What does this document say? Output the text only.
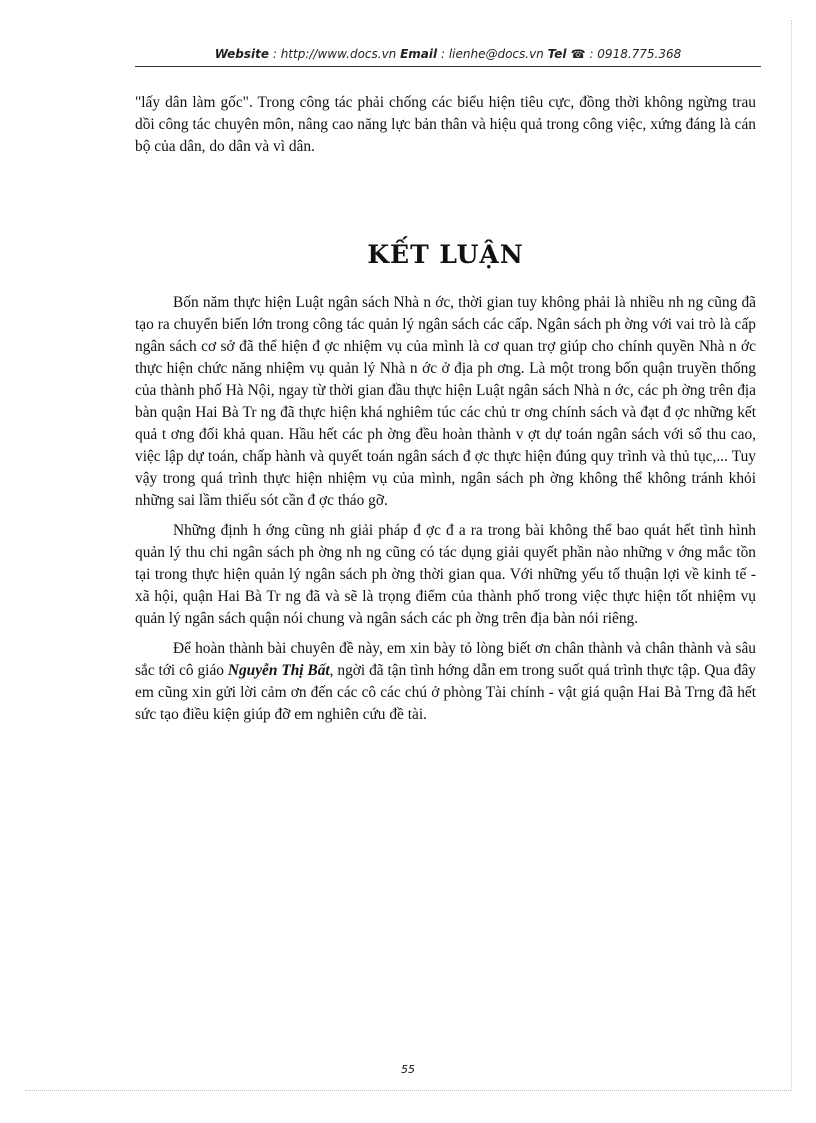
Website : http://www.docs.vn Email : lienhe@docs.vn Tel ☎ : 0918.775.368

"lấy dân làm gốc". Trong công tác phải chống các biểu hiện tiêu cực, đồng thời không ngừng trau dồi công tác chuyên môn, nâng cao năng lực bản thân và hiệu quả trong công việc, xứng đáng là cán bộ của dân, do dân và vì dân.

KẾT LUẬN

Bốn năm thực hiện Luật ngân sách Nhà n ớc, thời gian tuy không phải là nhiều nh ng cũng đã tạo ra chuyển biến lớn trong công tác quản lý ngân sách các cấp. Ngân sách ph ờng với vai trò là cấp ngân sách cơ sở đã thể hiện đ ợc nhiệm vụ của mình là cơ quan trợ giúp cho chính quyền Nhà n ớc thực hiện chức năng nhiệm vụ quản lý Nhà n ớc ở địa ph ơng. Là một trong bốn quận truyền thống của thành phố Hà Nội, ngay từ thời gian đầu thực hiện Luật ngân sách Nhà n ớc, các ph ờng trên địa bàn quận Hai Bà Tr ng đã thực hiện khá nghiêm túc các chủ tr ơng chính sách và đạt đ ợc những kết quả t ơng đối khả quan. Hầu hết các ph ờng đều hoàn thành v ợt dự toán ngân sách với số thu cao, việc lập dự toán, chấp hành và quyết toán ngân sách đ ợc thực hiện đúng quy trình và thủ tục,... Tuy vậy trong quá trình thực hiện nhiệm vụ của mình, ngân sách ph ờng không thể không tránh khỏi những sai lầm thiếu sót cần đ ợc tháo gỡ.

Những định h ớng cũng nh giải pháp đ ợc đ a ra trong bài không thể bao quát hết tình hình quản lý thu chi ngân sách ph ờng nh ng cũng có tác dụng giải quyết phần nào những v ớng mắc tồn tại trong thực hiện quản lý ngân sách ph ờng thời gian qua. Với những yếu tố thuận lợi về kinh tế - xã hội, quận Hai Bà Tr ng đã và sẽ là trọng điểm của thành phố trong việc thực hiện tốt nhiệm vụ quản lý ngân sách quận nói chung và ngân sách các ph ờng trên địa bàn nói riêng.

Để hoàn thành bài chuyên đề này, em xin bày tỏ lòng biết ơn chân thành và chân thành và sâu sắc tới cô giáo Nguyễn Thị Bất, ngời đã tận tình hớng dẫn em trong suốt quá trình thực tập. Qua đây em cũng xin gửi lời cảm ơn đến các cô các chú ở phòng Tài chính - vật giá quận Hai Bà Trng đã hết sức tạo điều kiện giúp đỡ em nghiên cứu đề tài.

55
